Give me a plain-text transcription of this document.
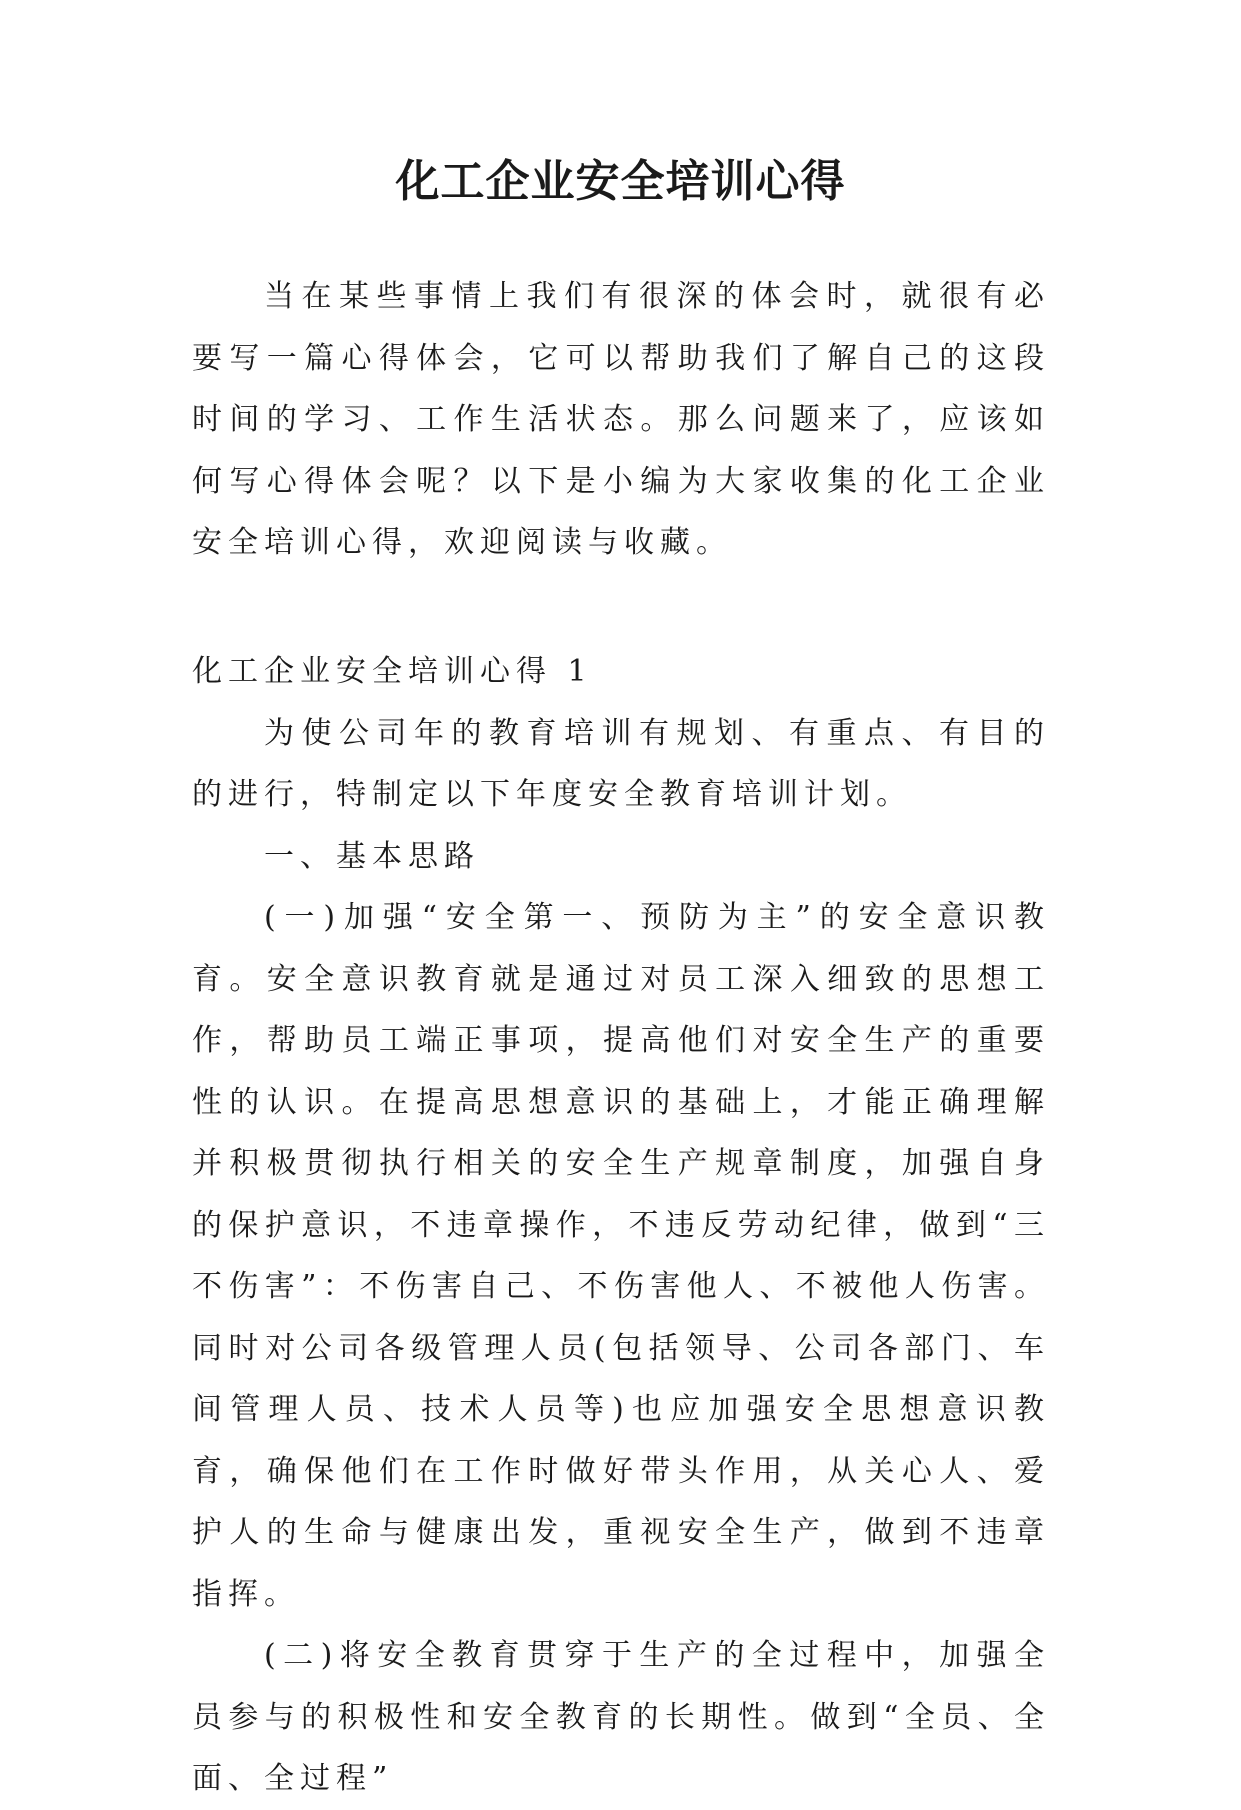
化工企业安全培训心得

当在某些事情上我们有很深的体会时，就很有必要写一篇心得体会，它可以帮助我们了解自己的这段时间的学习、工作生活状态。那么问题来了，应该如何写心得体会呢？以下是小编为大家收集的化工企业安全培训心得，欢迎阅读与收藏。

化工企业安全培训心得 1

为使公司年的教育培训有规划、有重点、有目的的进行，特制定以下年度安全教育培训计划。

一、基本思路

(一)加强“安全第一、预防为主”的安全意识教育。安全意识教育就是通过对员工深入细致的思想工作，帮助员工端正事项，提高他们对安全生产的重要性的认识。在提高思想意识的基础上，才能正确理解并积极贯彻执行相关的安全生产规章制度，加强自身的保护意识，不违章操作，不违反劳动纪律，做到“三不伤害”：不伤害自己、不伤害他人、不被他人伤害。同时对公司各级管理人员(包括领导、公司各部门、车间管理人员、技术人员等)也应加强安全思想意识教育，确保他们在工作时做好带头作用，从关心人、爱护人的生命与健康出发，重视安全生产，做到不违章指挥。

(二)将安全教育贯穿于生产的全过程中，加强全员参与的积极性和安全教育的长期性。做到“全员、全面、全过程”
